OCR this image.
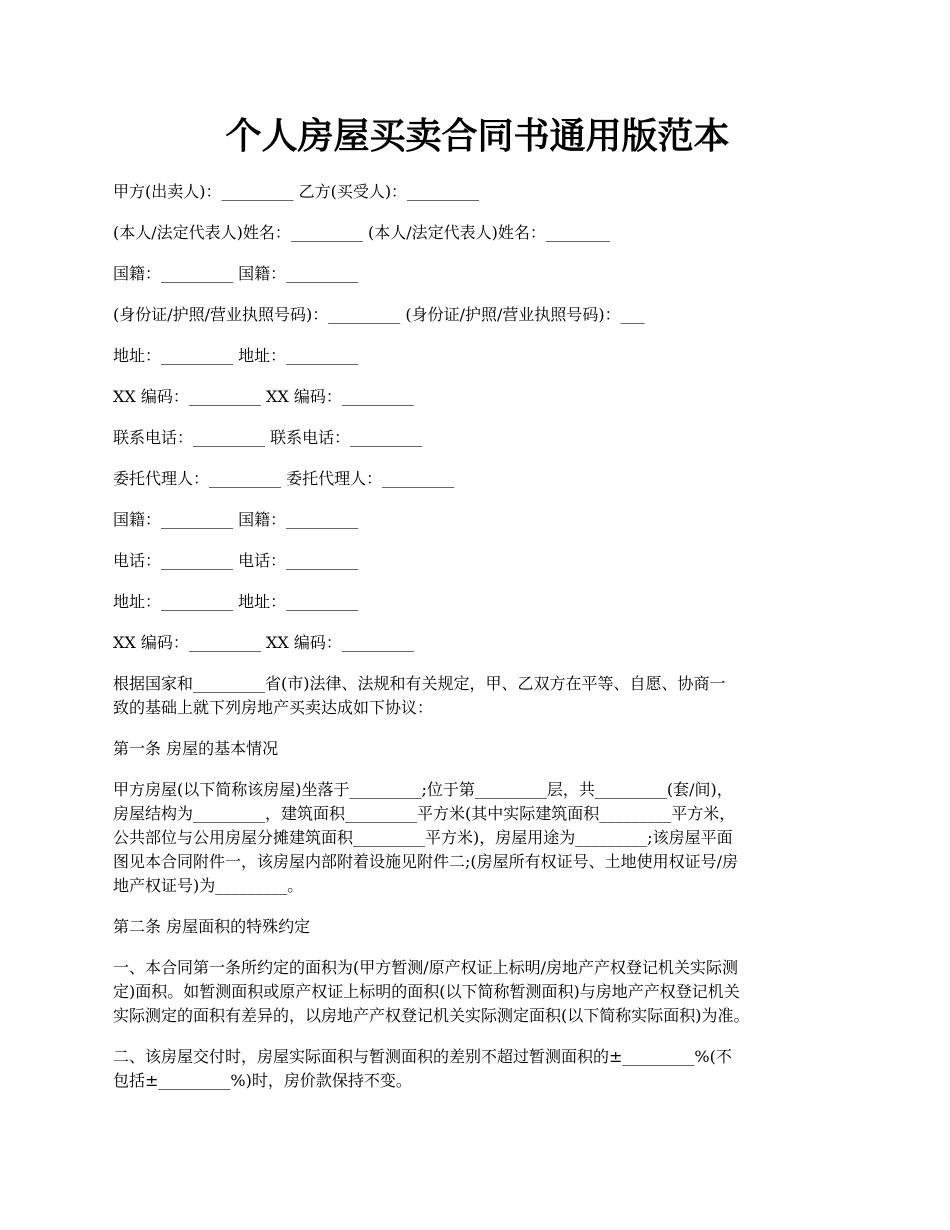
个人房屋买卖合同书通用版范本
甲方(出卖人)：_________ 乙方(买受人)：_________
(本人/法定代表人)姓名：_________ (本人/法定代表人)姓名：________
国籍：_________ 国籍：_________
(身份证/护照/营业执照号码)：_________ (身份证/护照/营业执照号码)：___
地址：_________ 地址：_________
XX 编码：_________ XX 编码：_________
联系电话：_________ 联系电话：_________
委托代理人：_________ 委托代理人：_________
国籍：_________ 国籍：_________
电话：_________ 电话：_________
地址：_________ 地址：_________
XX 编码：_________ XX 编码：_________
根据国家和_________省(市)法律、法规和有关规定，甲、乙双方在平等、自愿、协商一
致的基础上就下列房地产买卖达成如下协议：
第一条 房屋的基本情况
甲方房屋(以下简称该房屋)坐落于_________;位于第_________层，共_________(套/间)，
房屋结构为_________，建筑面积_________平方米(其中实际建筑面积_________平方米，
公共部位与公用房屋分摊建筑面积_________平方米)，房屋用途为_________;该房屋平面
图见本合同附件一，该房屋内部附着设施见附件二;(房屋所有权证号、土地使用权证号/房
地产权证号)为_________。
第二条 房屋面积的特殊约定
一、本合同第一条所约定的面积为(甲方暂测/原产权证上标明/房地产产权登记机关实际测
定)面积。如暂测面积或原产权证上标明的面积(以下简称暂测面积)与房地产产权登记机关
实际测定的面积有差异的，以房地产产权登记机关实际测定面积(以下简称实际面积)为准。
二、该房屋交付时，房屋实际面积与暂测面积的差别不超过暂测面积的±_________%(不
包括±_________%)时，房价款保持不变。
